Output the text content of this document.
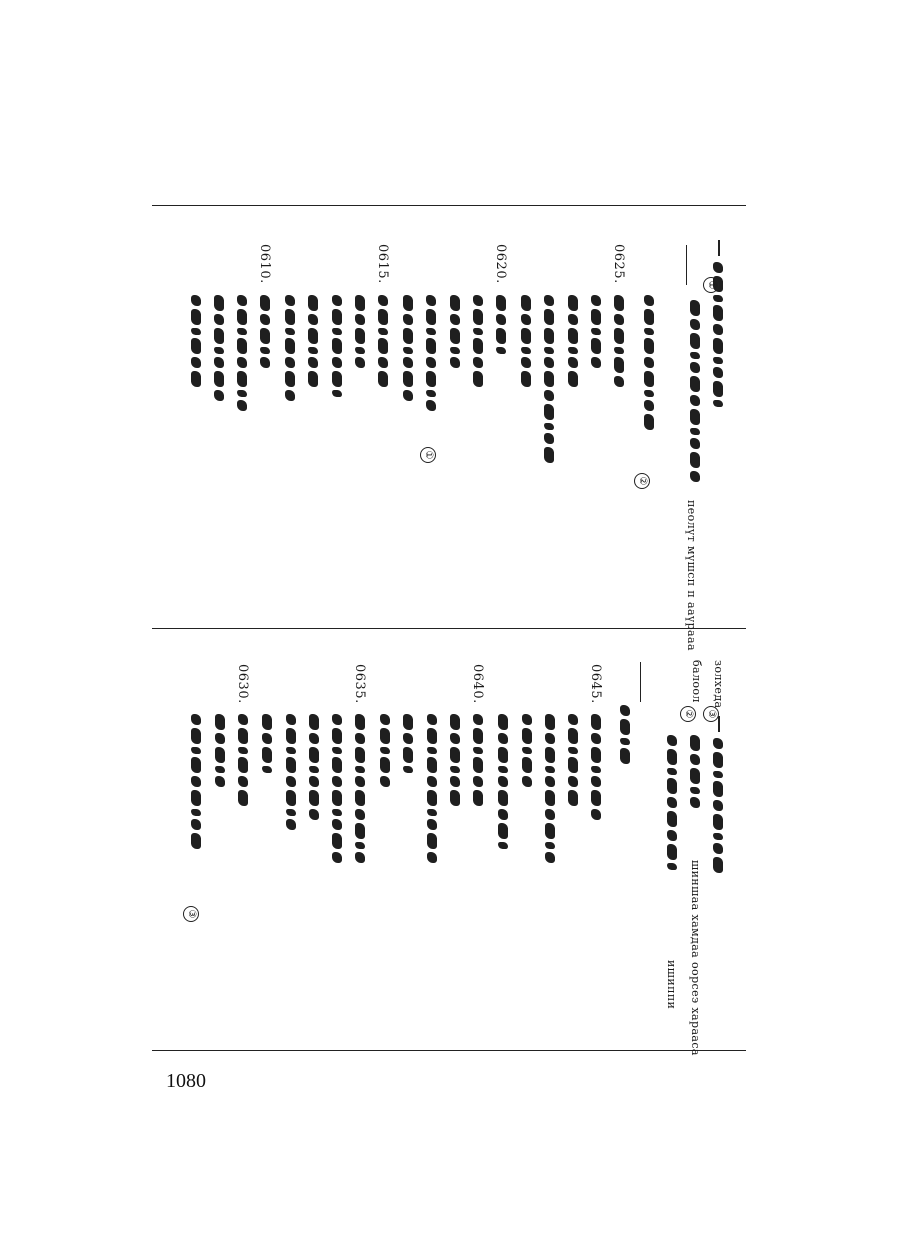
①
пеолүт мүшсп п ааүрааа
②
0625.
0620.
①
0615.
0610.
золхеда
③
балоол
шиншаа хамдаа оорсеэ харааса
②
ишиппи
0645.
0640.
0635.
0630.
③
1080
